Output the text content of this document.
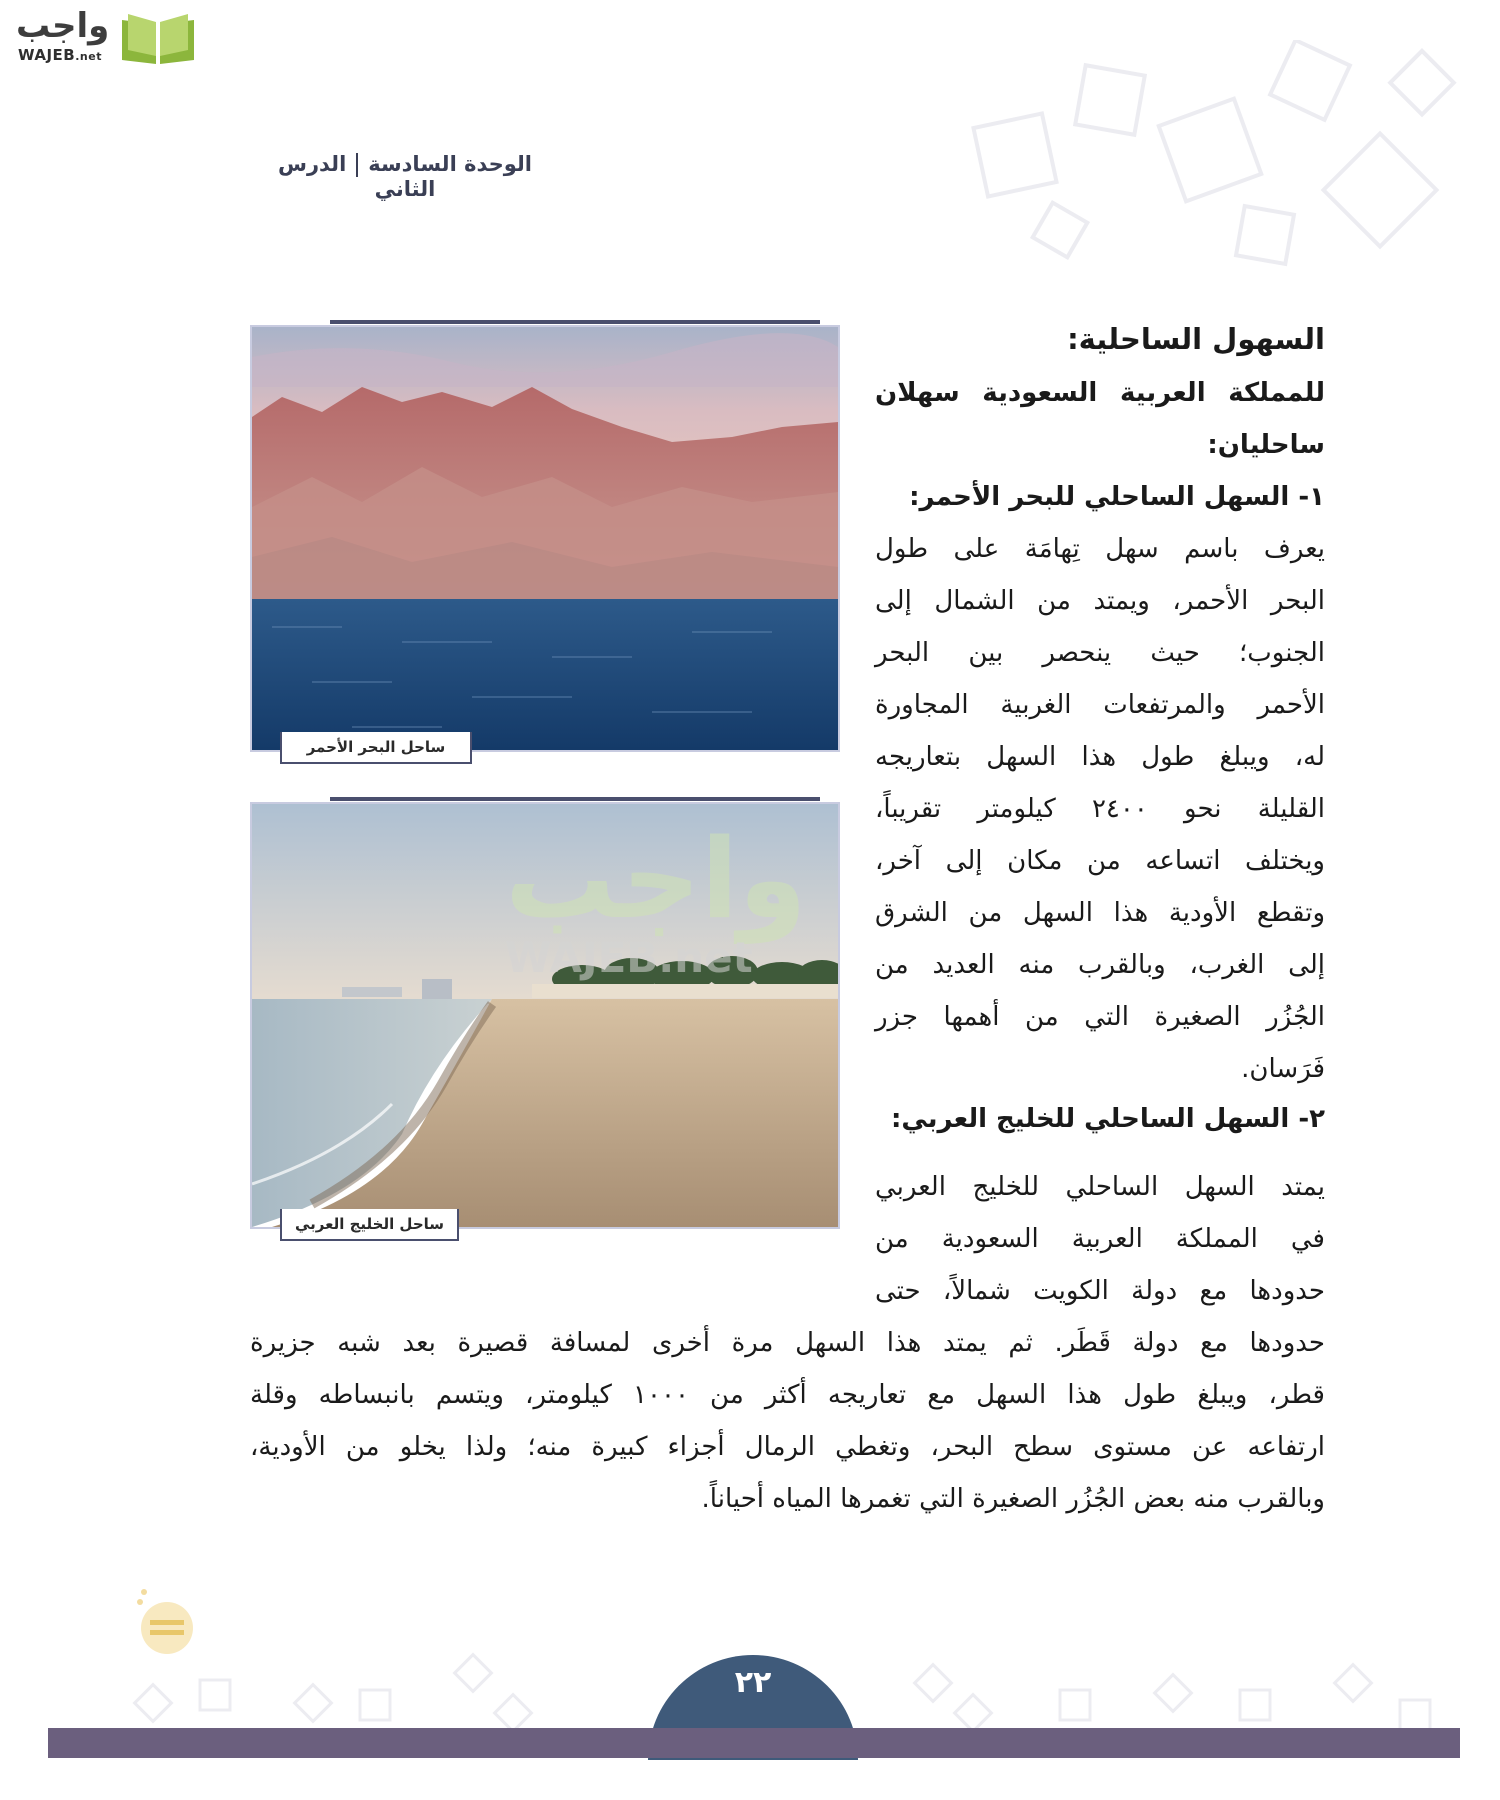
واجب
WAJEB.net
الوحدة السادسةالدرس الثاني
ساحل البحر الأحمر
ساحل الخليج العربي
واجب
WAJEB.net
السهول الساحلية:
للمملكة العربية السعودية سهلان
ساحليان:
١- السهل الساحلي للبحر الأحمر:
يعرف باسم سهل تِهامَة على طول
البحر الأحمر، ويمتد من الشمال إلى
الجنوب؛ حيث ينحصر بين البحر
الأحمر والمرتفعات الغربية المجاورة
له، ويبلغ طول هذا السهل بتعاريجه
القليلة نحو ٢٤٠٠ كيلومتر تقريباً،
ويختلف اتساعه من مكان إلى آخر،
وتقطع الأودية هذا السهل من الشرق
إلى الغرب، وبالقرب منه العديد من
الجُزُر الصغيرة التي من أهمها جزر
فَرَسان.
٢- السهل الساحلي للخليج العربي:
يمتد السهل الساحلي للخليج العربي
في المملكة العربية السعودية من
حدودها مع دولة الكويت شمالاً، حتى
حدودها مع دولة قَطَر. ثم يمتد هذا السهل مرة أخرى لمسافة قصيرة بعد شبه جزيرة
قطر، ويبلغ طول هذا السهل مع تعاريجه أكثر من ١٠٠٠ كيلومتر، ويتسم بانبساطه وقلة
ارتفاعه عن مستوى سطح البحر، وتغطي الرمال أجزاء كبيرة منه؛ ولذا يخلو من الأودية،
وبالقرب منه بعض الجُزُر الصغيرة التي تغمرها المياه أحياناً.
٢٢
